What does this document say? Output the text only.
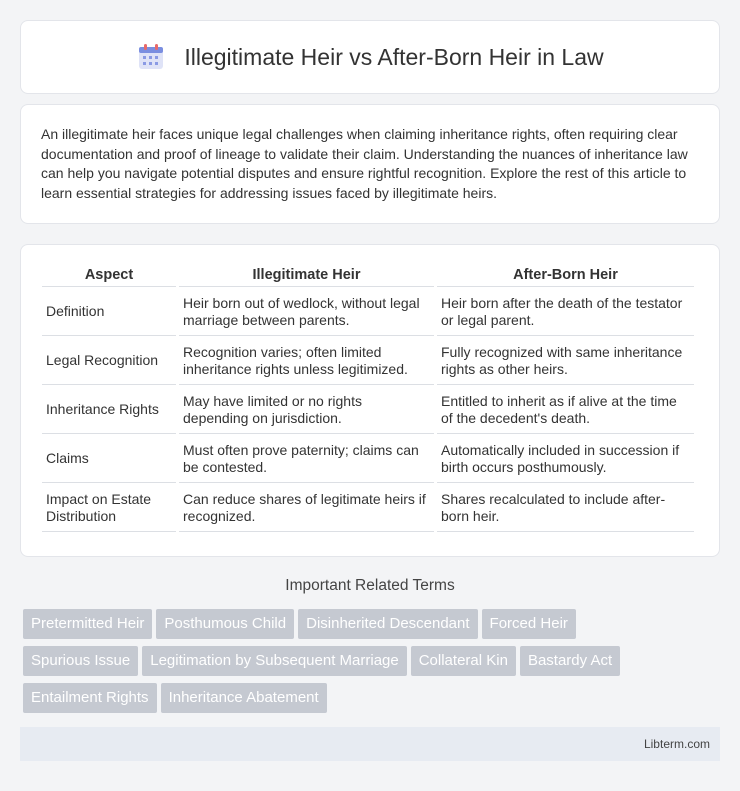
Illegitimate Heir vs After-Born Heir in Law

An illegitimate heir faces unique legal challenges when claiming inheritance rights, often requiring clear documentation and proof of lineage to validate their claim. Understanding the nuances of inheritance law can help you navigate potential disputes and ensure rightful recognition. Explore the rest of this article to learn essential strategies for addressing issues faced by illegitimate heirs.

Aspect	Illegitimate Heir	After-Born Heir
Definition	Heir born out of wedlock, without legal marriage between parents.	Heir born after the death of the testator or legal parent.
Legal Recognition	Recognition varies; often limited inheritance rights unless legitimized.	Fully recognized with same inheritance rights as other heirs.
Inheritance Rights	May have limited or no rights depending on jurisdiction.	Entitled to inherit as if alive at the time of the decedent's death.
Claims	Must often prove paternity; claims can be contested.	Automatically included in succession if birth occurs posthumously.
Impact on Estate Distribution	Can reduce shares of legitimate heirs if recognized.	Shares recalculated to include after-born heir.
Important Related Terms
Pretermitted Heir Posthumous Child Disinherited Descendant Forced Heir
Spurious Issue Legitimation by Subsequent Marriage Collateral Kin Bastardy Act
Entailment Rights Inheritance Abatement
Libterm.com
